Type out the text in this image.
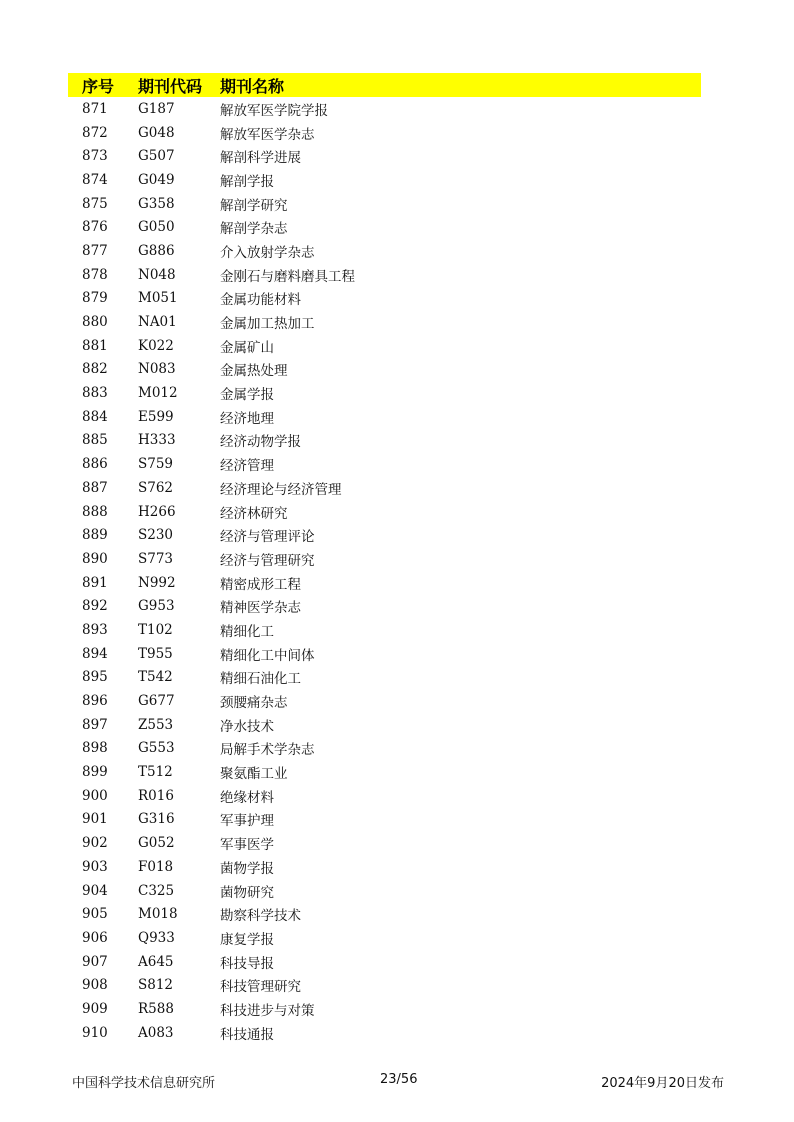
序号	期刊代码	期刊名称
871	G187	解放军医学院学报
872	G048	解放军医学杂志
873	G507	解剖科学进展
874	G049	解剖学报
875	G358	解剖学研究
876	G050	解剖学杂志
877	G886	介入放射学杂志
878	N048	金刚石与磨料磨具工程
879	M051	金属功能材料
880	NA01	金属加工热加工
881	K022	金属矿山
882	N083	金属热处理
883	M012	金属学报
884	E599	经济地理
885	H333	经济动物学报
886	S759	经济管理
887	S762	经济理论与经济管理
888	H266	经济林研究
889	S230	经济与管理评论
890	S773	经济与管理研究
891	N992	精密成形工程
892	G953	精神医学杂志
893	T102	精细化工
894	T955	精细化工中间体
895	T542	精细石油化工
896	G677	颈腰痛杂志
897	Z553	净水技术
898	G553	局解手术学杂志
899	T512	聚氨酯工业
900	R016	绝缘材料
901	G316	军事护理
902	G052	军事医学
903	F018	菌物学报
904	C325	菌物研究
905	M018	勘察科学技术
906	Q933	康复学报
907	A645	科技导报
908	S812	科技管理研究
909	R588	科技进步与对策
910	A083	科技通报
中国科学技术信息研究所	23/56	2024年9月20日发布
